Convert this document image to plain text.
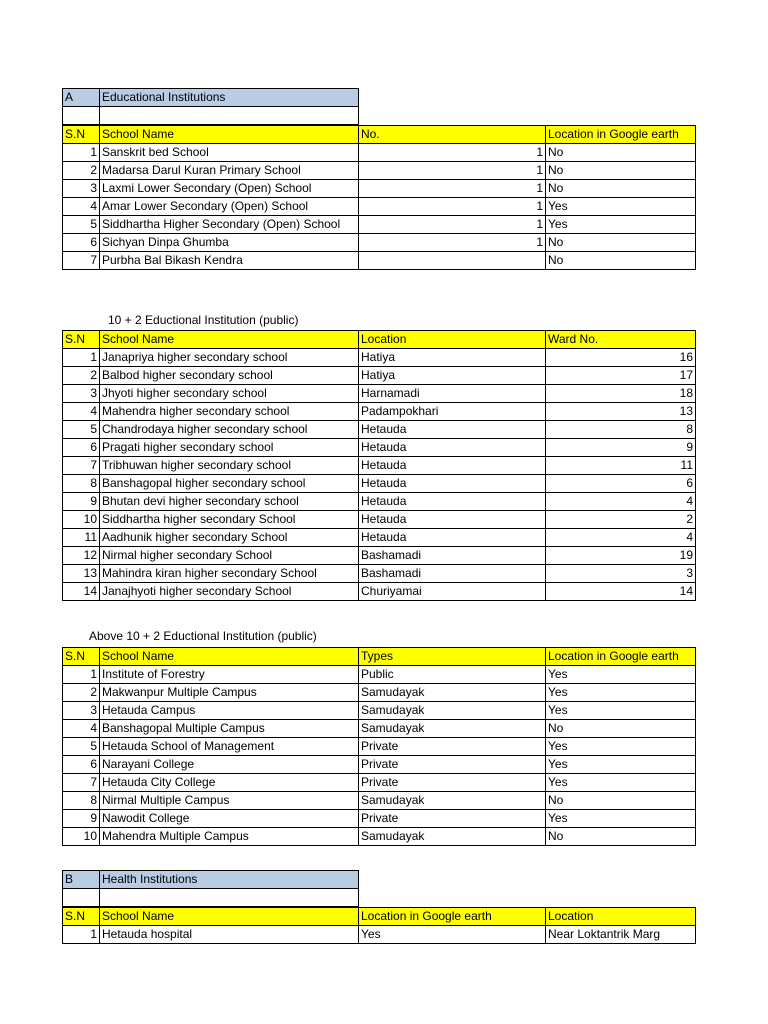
A	Educational Institutions

S.N	School Name	No.	Location in Google earth
1	Sanskrit bed School	1	No
2	Madarsa Darul Kuran Primary School	1	No
3	Laxmi Lower Secondary (Open) School	1	No
4	Amar Lower Secondary (Open) School	1	Yes
5	Siddhartha Higher Secondary (Open) School	1	Yes
6	Sichyan Dinpa Ghumba	1	No
7	Purbha Bal Bikash Kendra		No
10 + 2 Eductional Institution (public)
S.N	School Name	Location	Ward No.
1	Janapriya higher secondary school	Hatiya	16
2	Balbod higher secondary school	Hatiya	17
3	Jhyoti higher secondary school	Harnamadi	18
4	Mahendra higher secondary school	Padampokhari	13
5	Chandrodaya higher secondary school	Hetauda	8
6	Pragati higher secondary school	Hetauda	9
7	Tribhuwan higher secondary school	Hetauda	11
8	Banshagopal higher secondary school	Hetauda	6
9	Bhutan devi higher secondary school	Hetauda	4
10	Siddhartha higher secondary School	Hetauda	2
11	Aadhunik higher secondary School	Hetauda	4
12	Nirmal higher secondary School	Bashamadi	19
13	Mahindra kiran higher secondary School	Bashamadi	3
14	Janajhyoti higher secondary School	Churiyamai	14
Above 10 + 2 Eductional Institution (public)
S.N	School Name	Types	Location in Google earth
1	Institute of Forestry	Public	Yes
2	Makwanpur Multiple Campus	Samudayak	Yes
3	Hetauda Campus	Samudayak	Yes
4	Banshagopal Multiple Campus	Samudayak	No
5	Hetauda School of Management	Private	Yes
6	Narayani College	Private	Yes
7	Hetauda City College	Private	Yes
8	Nirmal Multiple Campus	Samudayak	No
9	Nawodit College	Private	Yes
10	Mahendra Multiple Campus	Samudayak	No
B	Health Institutions

S.N	School Name	Location in Google earth	Location
1	Hetauda hospital	Yes	Near Loktantrik Marg
